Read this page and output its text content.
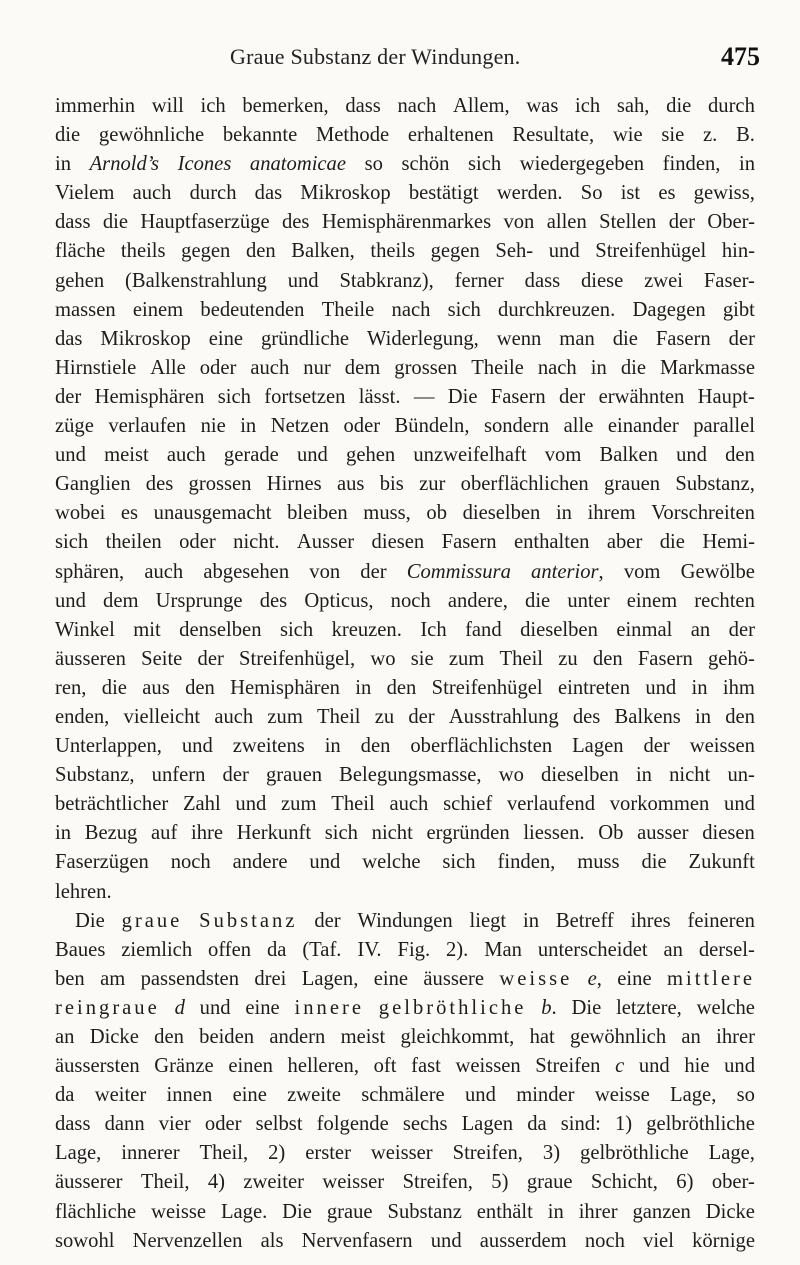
Graue Substanz der Windungen.	475
immerhin will ich bemerken, dass nach Allem, was ich sah, die durch
die gewöhnliche bekannte Methode erhaltenen Resultate, wie sie z. B.
in Arnold’s Icones anatomicae so schön sich wiedergegeben finden, in
Vielem auch durch das Mikroskop bestätigt werden. So ist es gewiss,
dass die Hauptfaserzüge des Hemisphärenmarkes von allen Stellen der Ober-
fläche theils gegen den Balken, theils gegen Seh- und Streifenhügel hin-
gehen (Balkenstrahlung und Stabkranz), ferner dass diese zwei Faser-
massen einem bedeutenden Theile nach sich durchkreuzen. Dagegen gibt
das Mikroskop eine gründliche Widerlegung, wenn man die Fasern der
Hirnstiele Alle oder auch nur dem grossen Theile nach in die Markmasse
der Hemisphären sich fortsetzen lässt. — Die Fasern der erwähnten Haupt-
züge verlaufen nie in Netzen oder Bündeln, sondern alle einander parallel
und meist auch gerade und gehen unzweifelhaft vom Balken und den
Ganglien des grossen Hirnes aus bis zur oberflächlichen grauen Substanz,
wobei es unausgemacht bleiben muss, ob dieselben in ihrem Vorschreiten
sich theilen oder nicht. Ausser diesen Fasern enthalten aber die Hemi-
sphären, auch abgesehen von der Commissura anterior, vom Gewölbe
und dem Ursprunge des Opticus, noch andere, die unter einem rechten
Winkel mit denselben sich kreuzen. Ich fand dieselben einmal an der
äusseren Seite der Streifenhügel, wo sie zum Theil zu den Fasern gehö-
ren, die aus den Hemisphären in den Streifenhügel eintreten und in ihm
enden, vielleicht auch zum Theil zu der Ausstrahlung des Balkens in den
Unterlappen, und zweitens in den oberflächlichsten Lagen der weissen
Substanz, unfern der grauen Belegungsmasse, wo dieselben in nicht un-
beträchtlicher Zahl und zum Theil auch schief verlaufend vorkommen und
in Bezug auf ihre Herkunft sich nicht ergründen liessen. Ob ausser diesen
Faserzügen noch andere und welche sich finden, muss die Zukunft
lehren.
Die graue Substanz der Windungen liegt in Betreff ihres feineren
Baues ziemlich offen da (Taf. IV. Fig. 2). Man unterscheidet an dersel-
ben am passendsten drei Lagen, eine äussere weisse e, eine mittlere
reingraue d und eine innere gelbröthliche b. Die letztere, welche
an Dicke den beiden andern meist gleichkommt, hat gewöhnlich an ihrer
äussersten Gränze einen helleren, oft fast weissen Streifen c und hie und
da weiter innen eine zweite schmälere und minder weisse Lage, so
dass dann vier oder selbst folgende sechs Lagen da sind: 1) gelbröthliche
Lage, innerer Theil, 2) erster weisser Streifen, 3) gelbröthliche Lage,
äusserer Theil, 4) zweiter weisser Streifen, 5) graue Schicht, 6) ober-
flächliche weisse Lage. Die graue Substanz enthält in ihrer ganzen Dicke
sowohl Nervenzellen als Nervenfasern und ausserdem noch viel körnige
